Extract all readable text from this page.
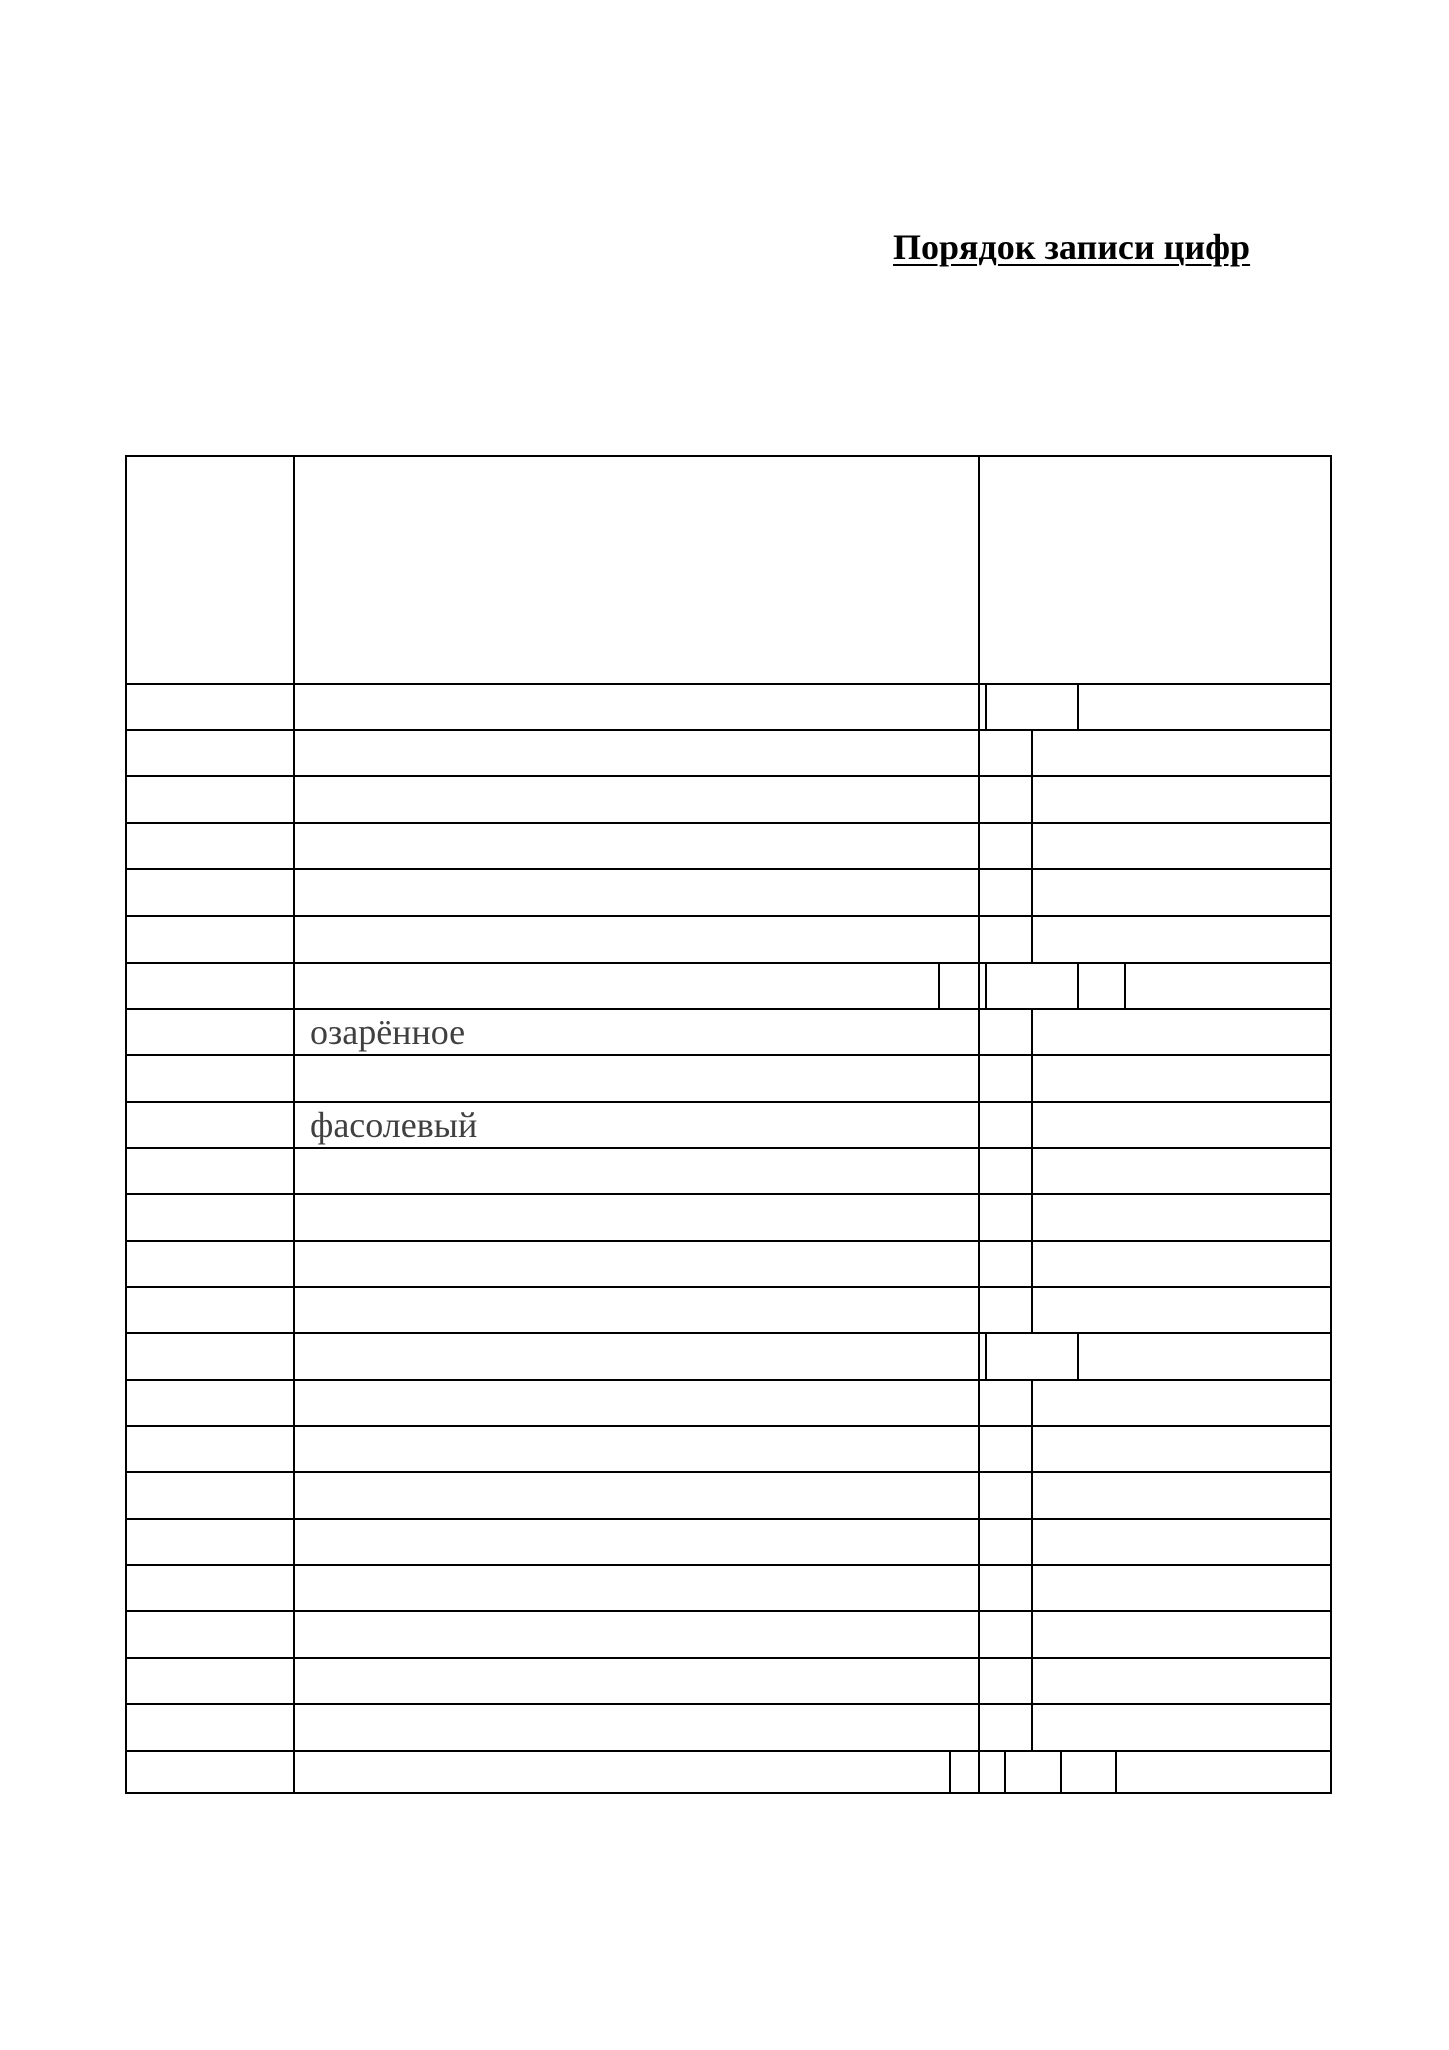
Порядок записи цифр
озарённое
фасолевый
